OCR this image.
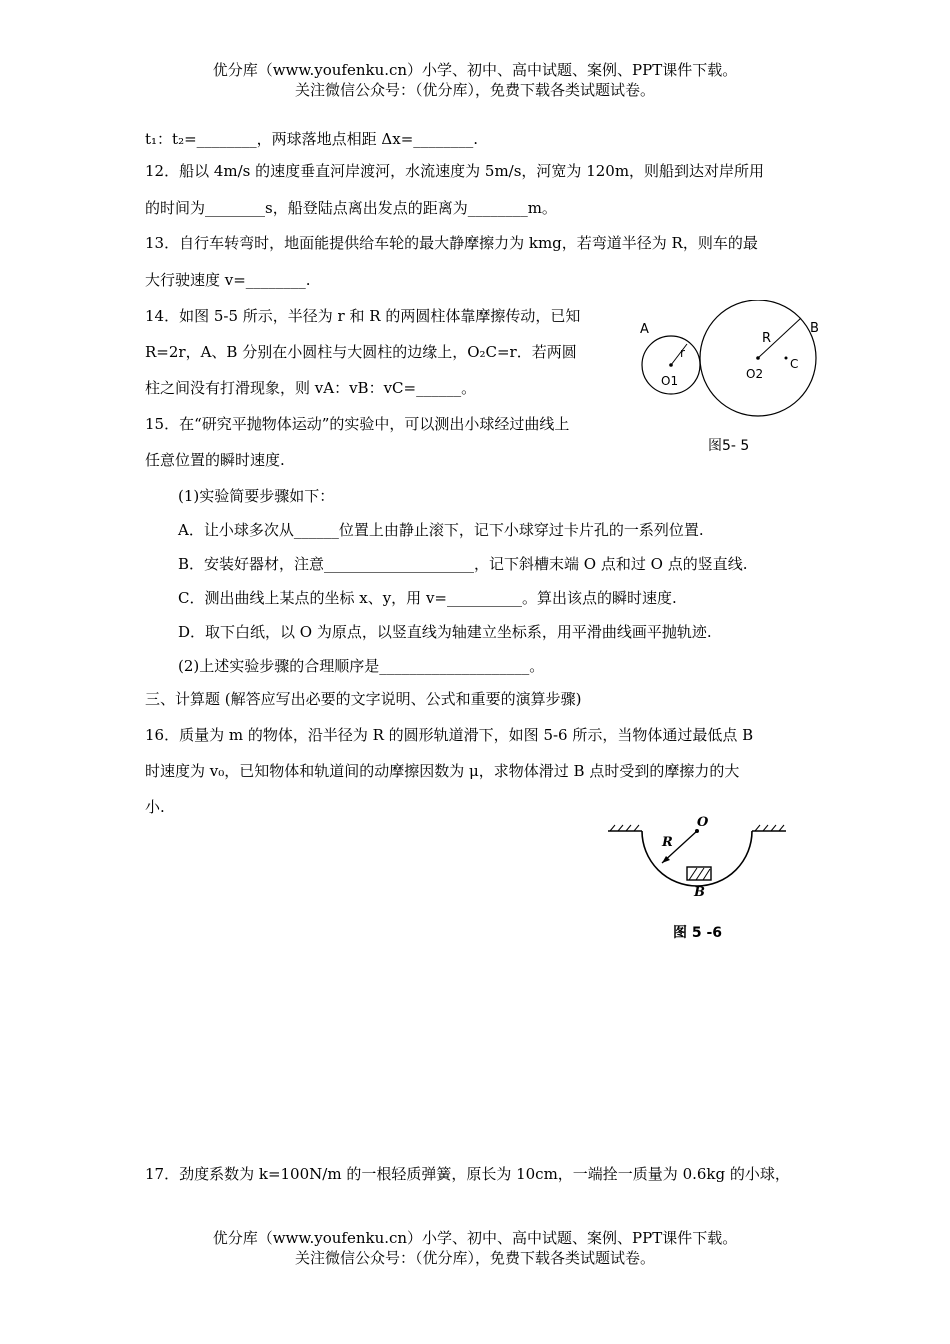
优分库（www.youfenku.cn）小学、初中、高中试题、案例、PPT课件下载。
关注微信公众号：（优分库），免费下载各类试题试卷。
t₁：t₂=________，两球落地点相距 Δx=________.
12．船以 4m/s 的速度垂直河岸渡河，水流速度为 5m/s，河宽为 120m，则船到达对岸所用
的时间为________s，船登陆点离出发点的距离为________m。
13．自行车转弯时，地面能提供给车轮的最大静摩擦力为 kmg，若弯道半径为 R，则车的最
大行驶速度 v=________.
14．如图 5-5 所示，半径为 r 和 R 的两圆柱体靠摩擦传动，已知
R=2r，A、B 分别在小圆柱与大圆柱的边缘上，O₂C=r．若两圆
柱之间没有打滑现象，则 vA：vB：vC=______。
15．在“研究平抛物体运动”的实验中，可以测出小球经过曲线上
任意位置的瞬时速度.
(1)实验简要步骤如下：
A．让小球多次从______位置上由静止滚下，记下小球穿过卡片孔的一系列位置.
B．安装好器材，注意____________________，记下斜槽末端 O 点和过 O 点的竖直线.
C．测出曲线上某点的坐标 x、y，用 v=__________。算出该点的瞬时速度.
D．取下白纸，以 O 为原点，以竖直线为轴建立坐标系，用平滑曲线画平抛轨迹.
(2)上述实验步骤的合理顺序是____________________。
三、计算题 (解答应写出必要的文字说明、公式和重要的演算步骤)
16．质量为 m 的物体，沿半径为 R 的圆形轨道滑下，如图 5-6 所示，当物体通过最低点 B
时速度为 v₀，已知物体和轨道间的动摩擦因数为 μ，求物体滑过 B 点时受到的摩擦力的大
小.
A	B
r
R
O1	O2
C
图5- 5
O
R
B
图 5 -6
17．劲度系数为 k=100N/m 的一根轻质弹簧，原长为 10cm，一端拴一质量为 0.6kg 的小球，
优分库（www.youfenku.cn）小学、初中、高中试题、案例、PPT课件下载。
关注微信公众号：（优分库），免费下载各类试题试卷。
